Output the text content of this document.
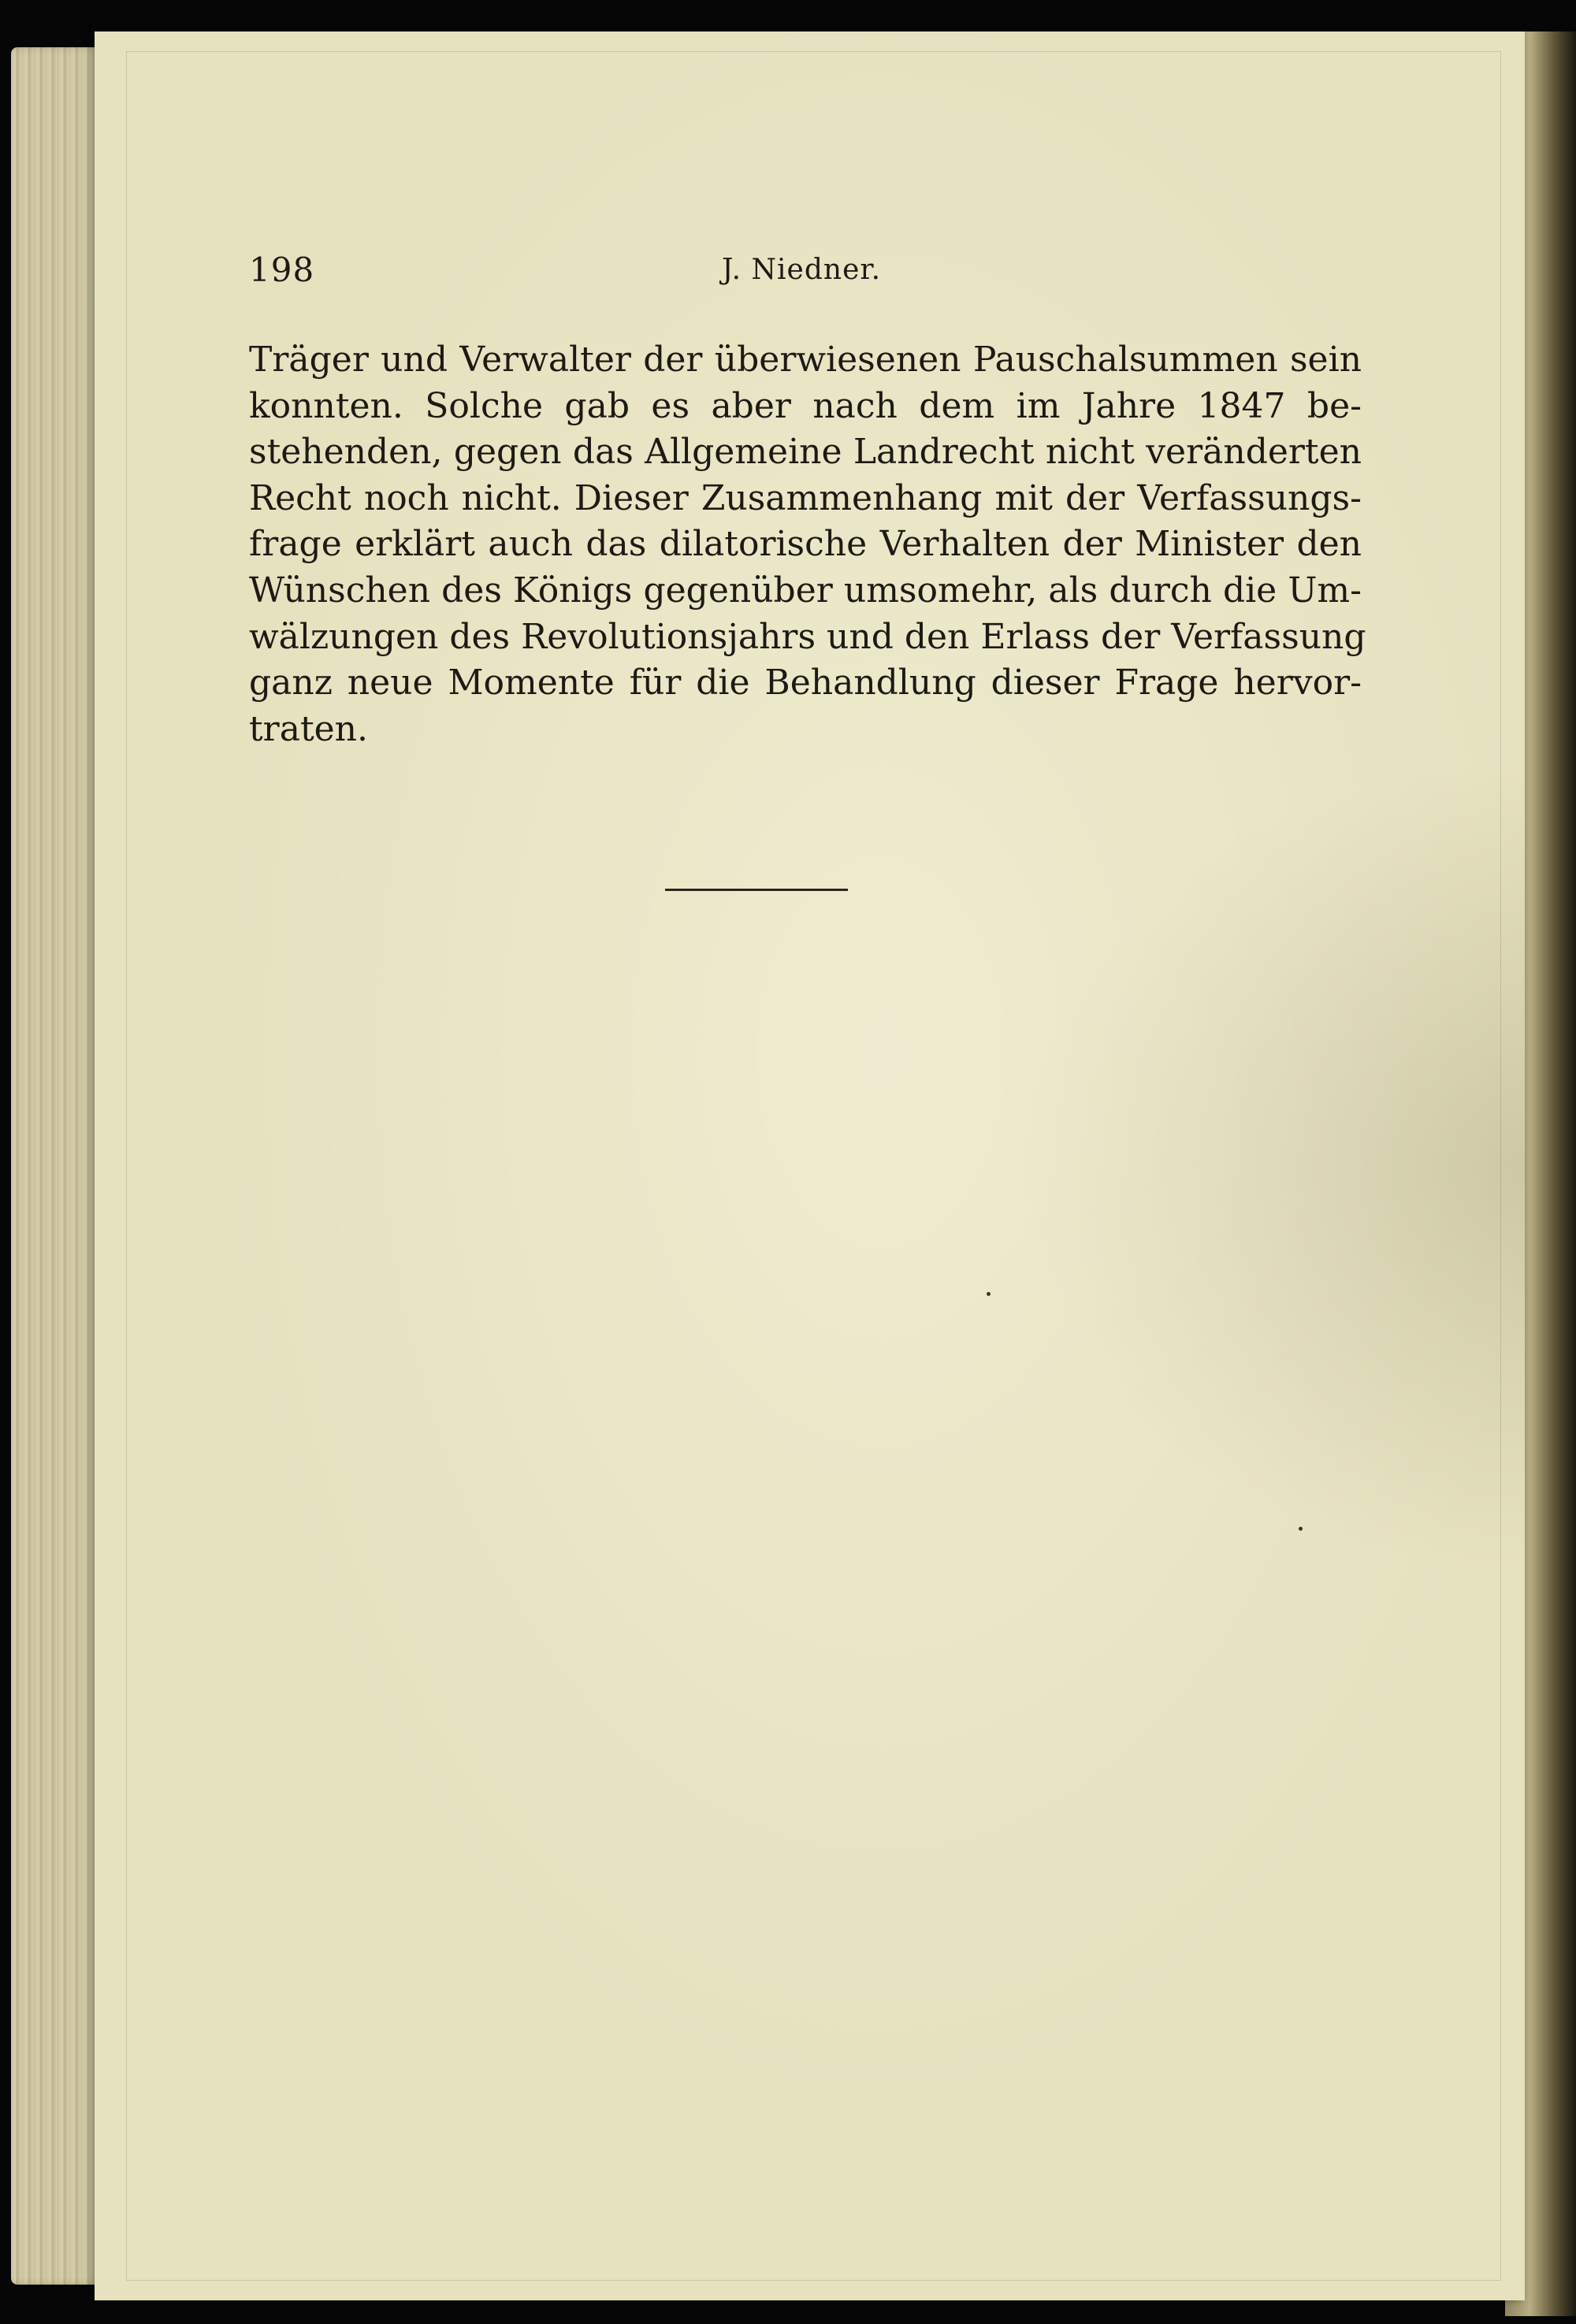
198	J. Niedner.
Träger und Verwalter der überwiesenen Pauschalsummen sein
konnten. Solche gab es aber nach dem im Jahre 1847 be-
stehenden, gegen das Allgemeine Landrecht nicht veränderten
Recht noch nicht. Dieser Zusammenhang mit der Verfassungs-
frage erklärt auch das dilatorische Verhalten der Minister den
Wünschen des Königs gegenüber umsomehr, als durch die Um-
wälzungen des Revolutionsjahrs und den Erlass der Verfassung
ganz neue Momente für die Behandlung dieser Frage hervor-
traten.
